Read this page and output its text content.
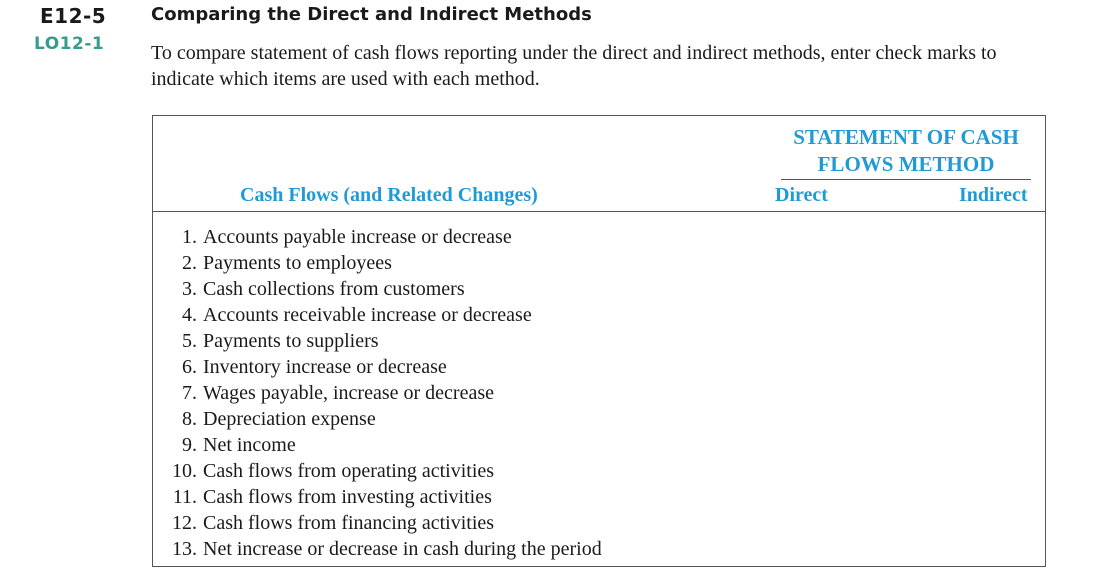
E12-5
LO12-1
Comparing the Direct and Indirect Methods
To compare statement of cash flows reporting under the direct and indirect methods, enter check marks to indicate which items are used with each method.
STATEMENT OF CASH FLOWS METHOD
Cash Flows (and Related Changes)	Direct	Indirect
1. Accounts payable increase or decrease
2. Payments to employees
3. Cash collections from customers
4. Accounts receivable increase or decrease
5. Payments to suppliers
6. Inventory increase or decrease
7. Wages payable, increase or decrease
8. Depreciation expense
9. Net income
10. Cash flows from operating activities
11. Cash flows from investing activities
12. Cash flows from financing activities
13. Net increase or decrease in cash during the period
